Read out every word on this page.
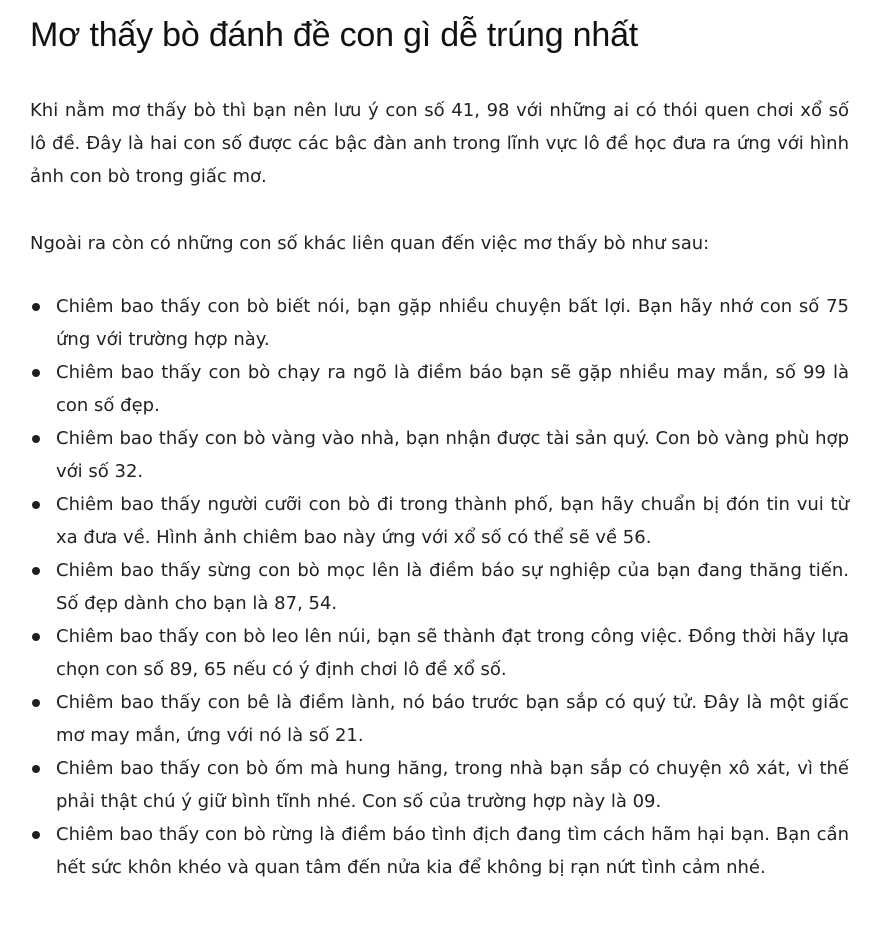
Mơ thấy bò đánh đề con gì dễ trúng nhất

Khi nằm mơ thấy bò thì bạn nên lưu ý con số 41, 98 với những ai có thói quen chơi xổ số lô đề. Đây là hai con số được các bậc đàn anh trong lĩnh vực lô đề học đưa ra ứng với hình ảnh con bò trong giấc mơ.

Ngoài ra còn có những con số khác liên quan đến việc mơ thấy bò như sau:

Chiêm bao thấy con bò biết nói, bạn gặp nhiều chuyện bất lợi. Bạn hãy nhớ con số 75 ứng với trường hợp này.
Chiêm bao thấy con bò chạy ra ngõ là điềm báo bạn sẽ gặp nhiều may mắn, số 99 là con số đẹp.
Chiêm bao thấy con bò vàng vào nhà, bạn nhận được tài sản quý. Con bò vàng phù hợp với số 32.
Chiêm bao thấy người cưỡi con bò đi trong thành phố, bạn hãy chuẩn bị đón tin vui từ xa đưa về. Hình ảnh chiêm bao này ứng với xổ số có thể sẽ về 56.
Chiêm bao thấy sừng con bò mọc lên là điềm báo sự nghiệp của bạn đang thăng tiến. Số đẹp dành cho bạn là 87, 54.
Chiêm bao thấy con bò leo lên núi, bạn sẽ thành đạt trong công việc. Đồng thời hãy lựa chọn con số 89, 65 nếu có ý định chơi lô đề xổ số.
Chiêm bao thấy con bê là điềm lành, nó báo trước bạn sắp có quý tử. Đây là một giấc mơ may mắn, ứng với nó là số 21.
Chiêm bao thấy con bò ốm mà hung hăng, trong nhà bạn sắp có chuyện xô xát, vì thế phải thật chú ý giữ bình tĩnh nhé. Con số của trường hợp này là 09.
Chiêm bao thấy con bò rừng là điềm báo tình địch đang tìm cách hãm hại bạn. Bạn cần hết sức khôn khéo và quan tâm đến nửa kia để không bị rạn nứt tình cảm nhé.
